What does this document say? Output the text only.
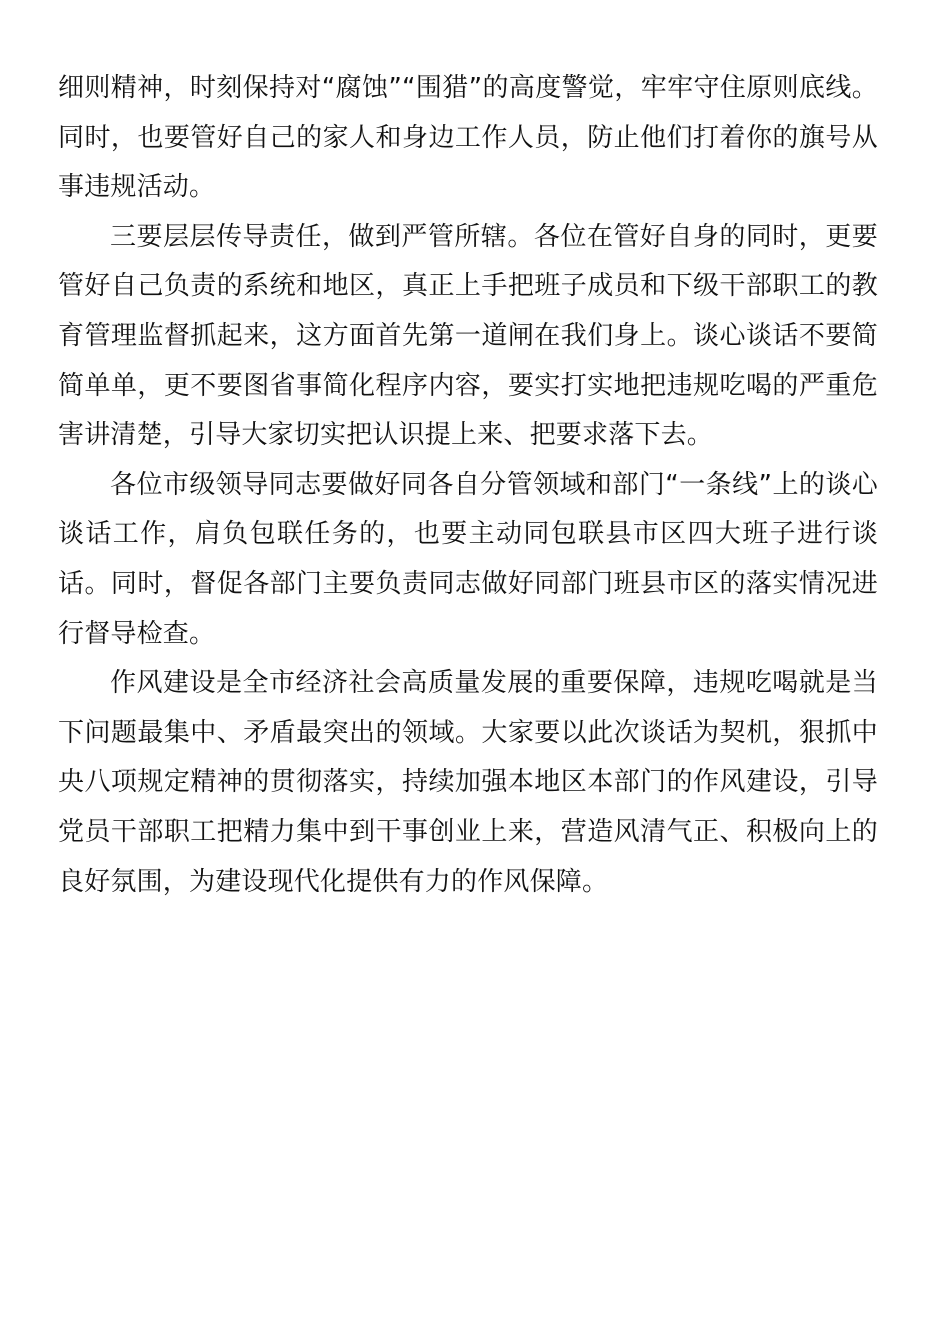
细则精神，时刻保持对“腐蚀”“围猎”的高度警觉，牢牢守住原则底线。同时，也要管好自己的家人和身边工作人员，防止他们打着你的旗号从事违规活动。

三要层层传导责任，做到严管所辖。各位在管好自身的同时，更要管好自己负责的系统和地区，真正上手把班子成员和下级干部职工的教育管理监督抓起来，这方面首先第一道闸在我们身上。谈心谈话不要简简单单，更不要图省事简化程序内容，要实打实地把违规吃喝的严重危害讲清楚，引导大家切实把认识提上来、把要求落下去。

各位市级领导同志要做好同各自分管领域和部门“一条线”上的谈心谈话工作，肩负包联任务的，也要主动同包联县市区四大班子进行谈话。同时，督促各部门主要负责同志做好同部门班县市区的落实情况进行督导检查。

作风建设是全市经济社会高质量发展的重要保障，违规吃喝就是当下问题最集中、矛盾最突出的领域。大家要以此次谈话为契机，狠抓中央八项规定精神的贯彻落实，持续加强本地区本部门的作风建设，引导党员干部职工把精力集中到干事创业上来，营造风清气正、积极向上的良好氛围，为建设现代化提供有力的作风保障。
